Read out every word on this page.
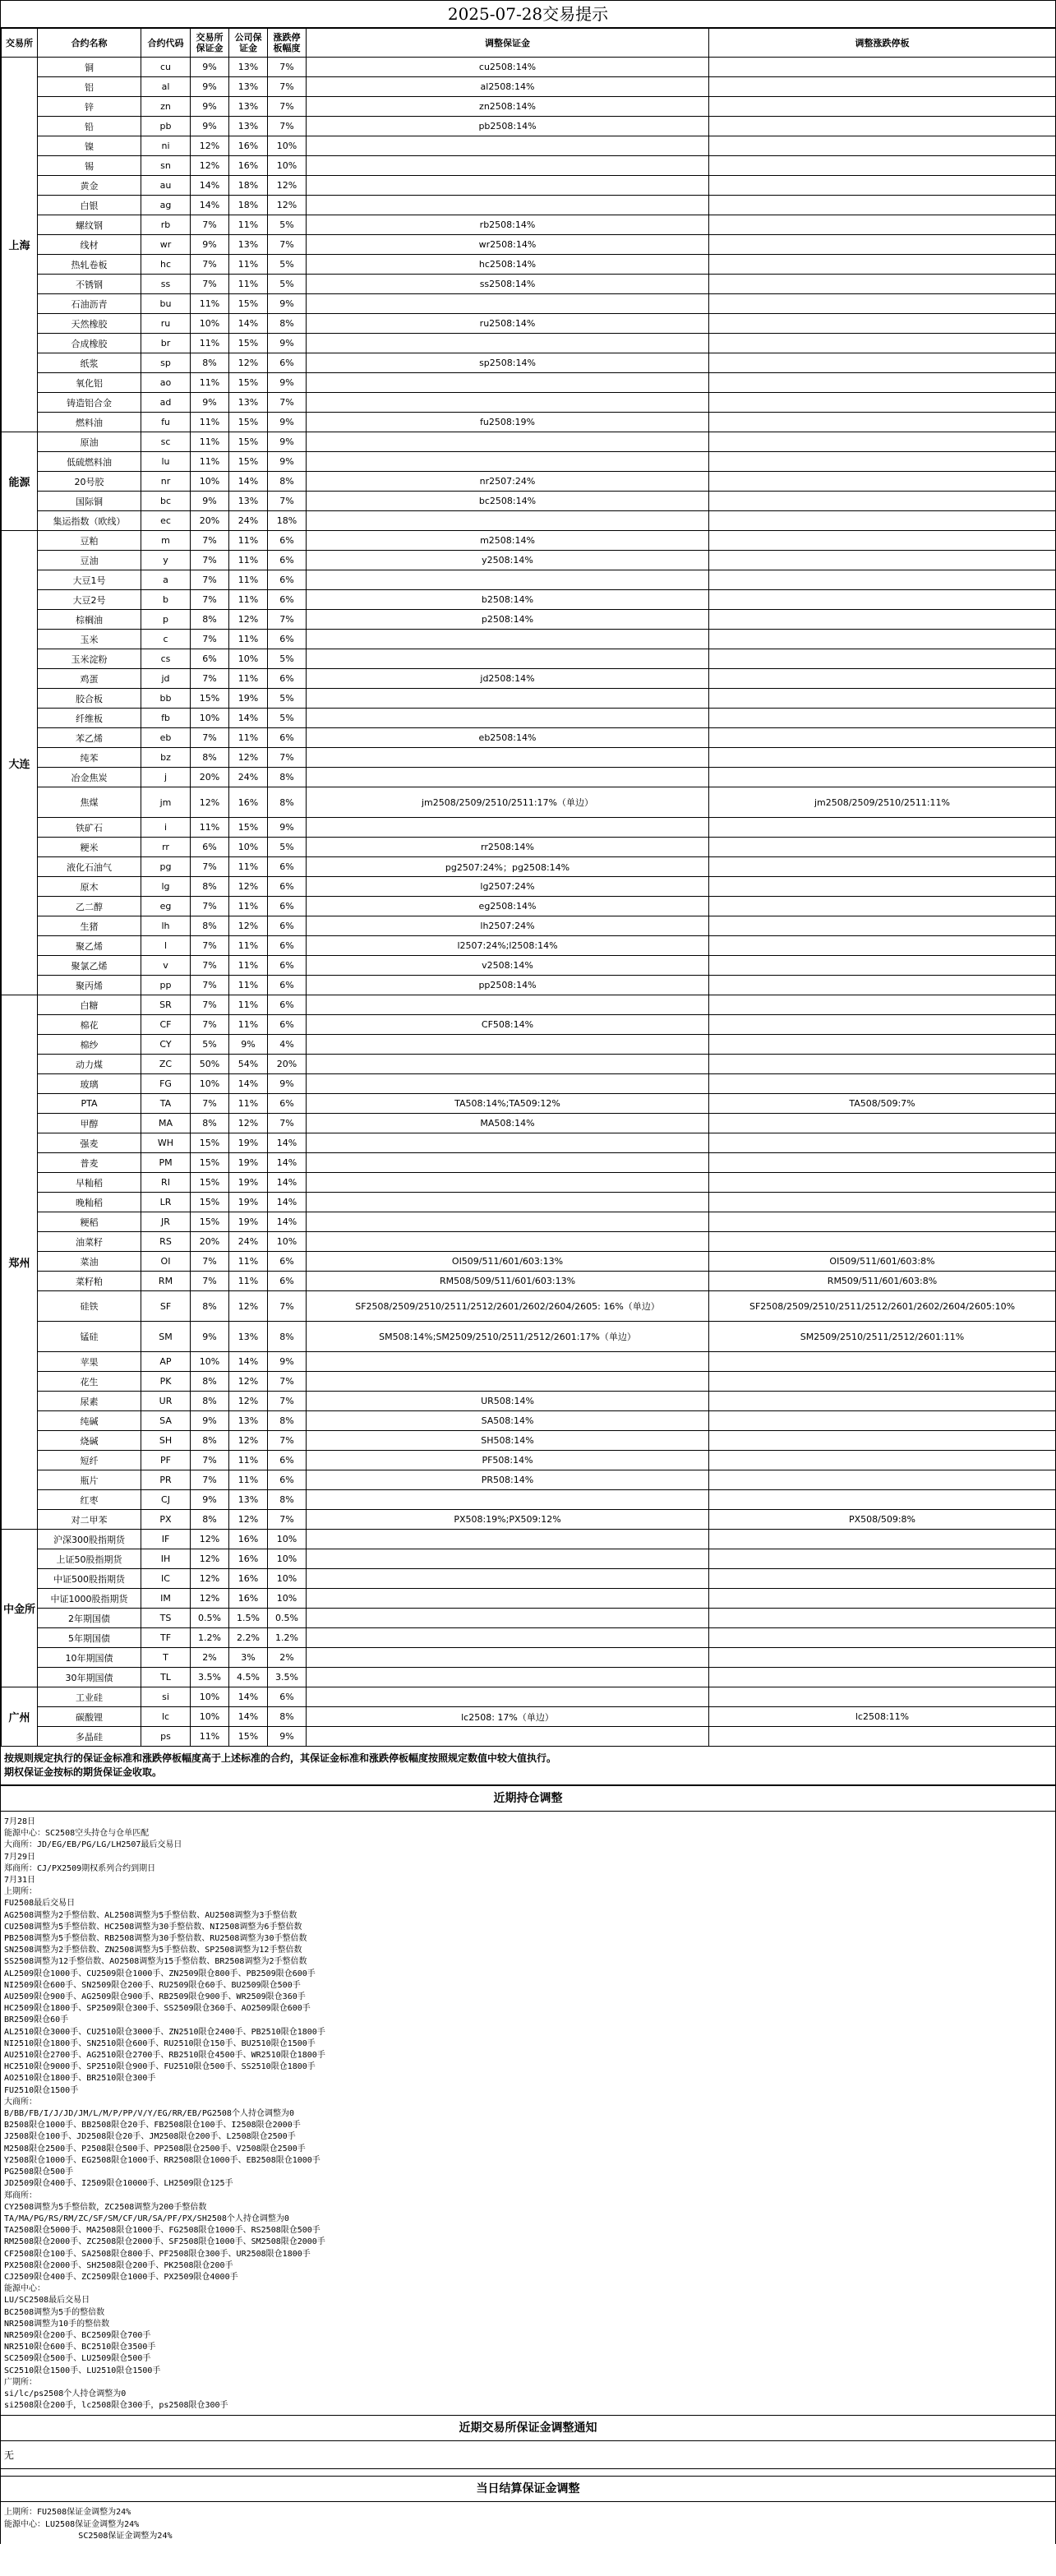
2025-07-28交易提示
交易所	合约名称	合约代码	交易所保证金	公司保证金	涨跌停板幅度	调整保证金	调整涨跌停板
上海	铜	cu	9%	13%	7%	cu2508:14%	
	铝	al	9%	13%	7%	al2508:14%	
	锌	zn	9%	13%	7%	zn2508:14%	
	铅	pb	9%	13%	7%	pb2508:14%	
	镍	ni	12%	16%	10%		
	锡	sn	12%	16%	10%		
	黄金	au	14%	18%	12%		
	白银	ag	14%	18%	12%		
	螺纹钢	rb	7%	11%	5%	rb2508:14%	
	线材	wr	9%	13%	7%	wr2508:14%	
	热轧卷板	hc	7%	11%	5%	hc2508:14%	
	不锈钢	ss	7%	11%	5%	ss2508:14%	
	石油沥青	bu	11%	15%	9%		
	天然橡胶	ru	10%	14%	8%	ru2508:14%	
	合成橡胶	br	11%	15%	9%		
	纸浆	sp	8%	12%	6%	sp2508:14%	
	氧化铝	ao	11%	15%	9%		
	铸造铝合金	ad	9%	13%	7%		
	燃料油	fu	11%	15%	9%	fu2508:19%	
能源	原油	sc	11%	15%	9%		
	低硫燃料油	lu	11%	15%	9%		
	20号胶	nr	10%	14%	8%	nr2507:24%	
	国际铜	bc	9%	13%	7%	bc2508:14%	
	集运指数（欧线）	ec	20%	24%	18%		
大连	豆粕	m	7%	11%	6%	m2508:14%	
	豆油	y	7%	11%	6%	y2508:14%	
	大豆1号	a	7%	11%	6%		
	大豆2号	b	7%	11%	6%	b2508:14%	
	棕榈油	p	8%	12%	7%	p2508:14%	
	玉米	c	7%	11%	6%		
	玉米淀粉	cs	6%	10%	5%		
	鸡蛋	jd	7%	11%	6%	jd2508:14%	
	胶合板	bb	15%	19%	5%		
	纤维板	fb	10%	14%	5%		
	苯乙烯	eb	7%	11%	6%	eb2508:14%	
	纯苯	bz	8%	12%	7%		
	冶金焦炭	j	20%	24%	8%		
	焦煤	jm	12%	16%	8%	jm2508/2509/2510/2511:17%（单边）	jm2508/2509/2510/2511:11%
	铁矿石	i	11%	15%	9%		
	粳米	rr	6%	10%	5%	rr2508:14%	
	液化石油气	pg	7%	11%	6%	pg2507:24%；pg2508:14%	
	原木	lg	8%	12%	6%	lg2507:24%	
	乙二醇	eg	7%	11%	6%	eg2508:14%	
	生猪	lh	8%	12%	6%	lh2507:24%	
	聚乙烯	l	7%	11%	6%	l2507:24%;l2508:14%	
	聚氯乙烯	v	7%	11%	6%	v2508:14%	
	聚丙烯	pp	7%	11%	6%	pp2508:14%	
郑州	白糖	SR	7%	11%	6%		
	棉花	CF	7%	11%	6%	CF508:14%	
	棉纱	CY	5%	9%	4%		
	动力煤	ZC	50%	54%	20%		
	玻璃	FG	10%	14%	9%		
	PTA	TA	7%	11%	6%	TA508:14%;TA509:12%	TA508/509:7%
	甲醇	MA	8%	12%	7%	MA508:14%	
	强麦	WH	15%	19%	14%		
	普麦	PM	15%	19%	14%		
	早籼稻	RI	15%	19%	14%		
	晚籼稻	LR	15%	19%	14%		
	粳稻	JR	15%	19%	14%		
	油菜籽	RS	20%	24%	10%		
	菜油	OI	7%	11%	6%	OI509/511/601/603:13%	OI509/511/601/603:8%
	菜籽粕	RM	7%	11%	6%	RM508/509/511/601/603:13%	RM509/511/601/603:8%
	硅铁	SF	8%	12%	7%	SF2508/2509/2510/2511/2512/2601/2602/2604/2605: 16%（单边）	SF2508/2509/2510/2511/2512/2601/2602/2604/2605:10%
	锰硅	SM	9%	13%	8%	SM508:14%;SM2509/2510/2511/2512/2601:17%（单边）	SM2509/2510/2511/2512/2601:11%
	苹果	AP	10%	14%	9%		
	花生	PK	8%	12%	7%		
	尿素	UR	8%	12%	7%	UR508:14%	
	纯碱	SA	9%	13%	8%	SA508:14%	
	烧碱	SH	8%	12%	7%	SH508:14%	
	短纤	PF	7%	11%	6%	PF508:14%	
	瓶片	PR	7%	11%	6%	PR508:14%	
	红枣	CJ	9%	13%	8%		
	对二甲苯	PX	8%	12%	7%	PX508:19%;PX509:12%	PX508/509:8%
中金所	沪深300股指期货	IF	12%	16%	10%		
	上证50股指期货	IH	12%	16%	10%		
	中证500股指期货	IC	12%	16%	10%		
	中证1000股指期货	IM	12%	16%	10%		
	2年期国债	TS	0.5%	1.5%	0.5%		
	5年期国债	TF	1.2%	2.2%	1.2%		
	10年期国债	T	2%	3%	2%		
	30年期国债	TL	3.5%	4.5%	3.5%		
广州	工业硅	si	10%	14%	6%		
	碳酸锂	lc	10%	14%	8%	lc2508: 17%（单边）	lc2508:11%
	多晶硅	ps	11%	15%	9%		
按规则规定执行的保证金标准和涨跌停板幅度高于上述标准的合约，其保证金标准和涨跌停板幅度按照规定数值中较大值执行。
期权保证金按标的期货保证金收取。
近期持仓调整
7月28日
能源中心：SC2508空头持仓与仓单匹配
大商所：JD/EG/EB/PG/LG/LH2507最后交易日
7月29日
郑商所：CJ/PX2509期权系列合约到期日
7月31日
上期所：
FU2508最后交易日
AG2508调整为2手整倍数、AL2508调整为5手整倍数、AU2508调整为3手整倍数
CU2508调整为5手整倍数、HC2508调整为30手整倍数、NI2508调整为6手整倍数
PB2508调整为5手整倍数、RB2508调整为30手整倍数、RU2508调整为30手整倍数
SN2508调整为2手整倍数、ZN2508调整为5手整倍数、SP2508调整为12手整倍数
SS2508调整为12手整倍数、AO2508调整为15手整倍数、BR2508调整为2手整倍数
AL2509限仓1000手、CU2509限仓1000手、ZN2509限仓800手、PB2509限仓600手
NI2509限仓600手、SN2509限仓200手、RU2509限仓60手、BU2509限仓500手
AU2509限仓900手、AG2509限仓900手、RB2509限仓900手、WR2509限仓360手
HC2509限仓1800手、SP2509限仓300手、SS2509限仓360手、AO2509限仓600手
BR2509限仓60手
AL2510限仓3000手、CU2510限仓3000手、ZN2510限仓2400手、PB2510限仓1800手
NI2510限仓1800手、SN2510限仓600手、RU2510限仓150手、BU2510限仓1500手
AU2510限仓2700手、AG2510限仓2700手、RB2510限仓4500手、WR2510限仓1800手
HC2510限仓9000手、SP2510限仓900手、FU2510限仓500手、SS2510限仓1800手
AO2510限仓1800手、BR2510限仓300手
FU2510限仓1500手
大商所：
B/BB/FB/I/J/JD/JM/L/M/P/PP/V/Y/EG/RR/EB/PG2508个人持仓调整为0
B2508限仓1000手、BB2508限仓20手、FB2508限仓100手、I2508限仓2000手
J2508限仓100手、JD2508限仓20手、JM2508限仓200手、L2508限仓2500手
M2508限仓2500手、P2508限仓500手、PP2508限仓2500手、V2508限仓2500手
Y2508限仓1000手、EG2508限仓1000手、RR2508限仓1000手、EB2508限仓1000手
PG2508限仓500手
JD2509限仓400手、I2509限仓10000手、LH2509限仓125手
郑商所：
CY2508调整为5手整倍数，ZC2508调整为200手整倍数
TA/MA/PG/RS/RM/ZC/SF/SM/CF/UR/SA/PF/PX/SH2508个人持仓调整为0
TA2508限仓5000手、MA2508限仓1000手、FG2508限仓1000手、RS2508限仓500手
RM2508限仓2000手、ZC2508限仓2000手、SF2508限仓1000手、SM2508限仓2000手
CF2508限仓100手、SA2508限仓800手、PF2508限仓300手、UR2508限仓1800手
PX2508限仓2000手、SH2508限仓200手、PK2508限仓200手
CJ2509限仓400手、ZC2509限仓1000手、PX2509限仓4000手
能源中心：
LU/SC2508最后交易日
BC2508调整为5手的整倍数
NR2508调整为10手的整倍数
NR2509限仓200手、BC2509限仓700手
NR2510限仓600手、BC2510限仓3500手
SC2509限仓500手、LU2509限仓500手
SC2510限仓1500手、LU2510限仓1500手
广期所：
si/lc/ps2508个人持仓调整为0
si2508限仓200手，lc2508限仓300手，ps2508限仓300手
近期交易所保证金调整通知
无
当日结算保证金调整
上期所：FU2508保证金调整为24%
能源中心：LU2508保证金调整为24%
SC2508保证金调整为24%
